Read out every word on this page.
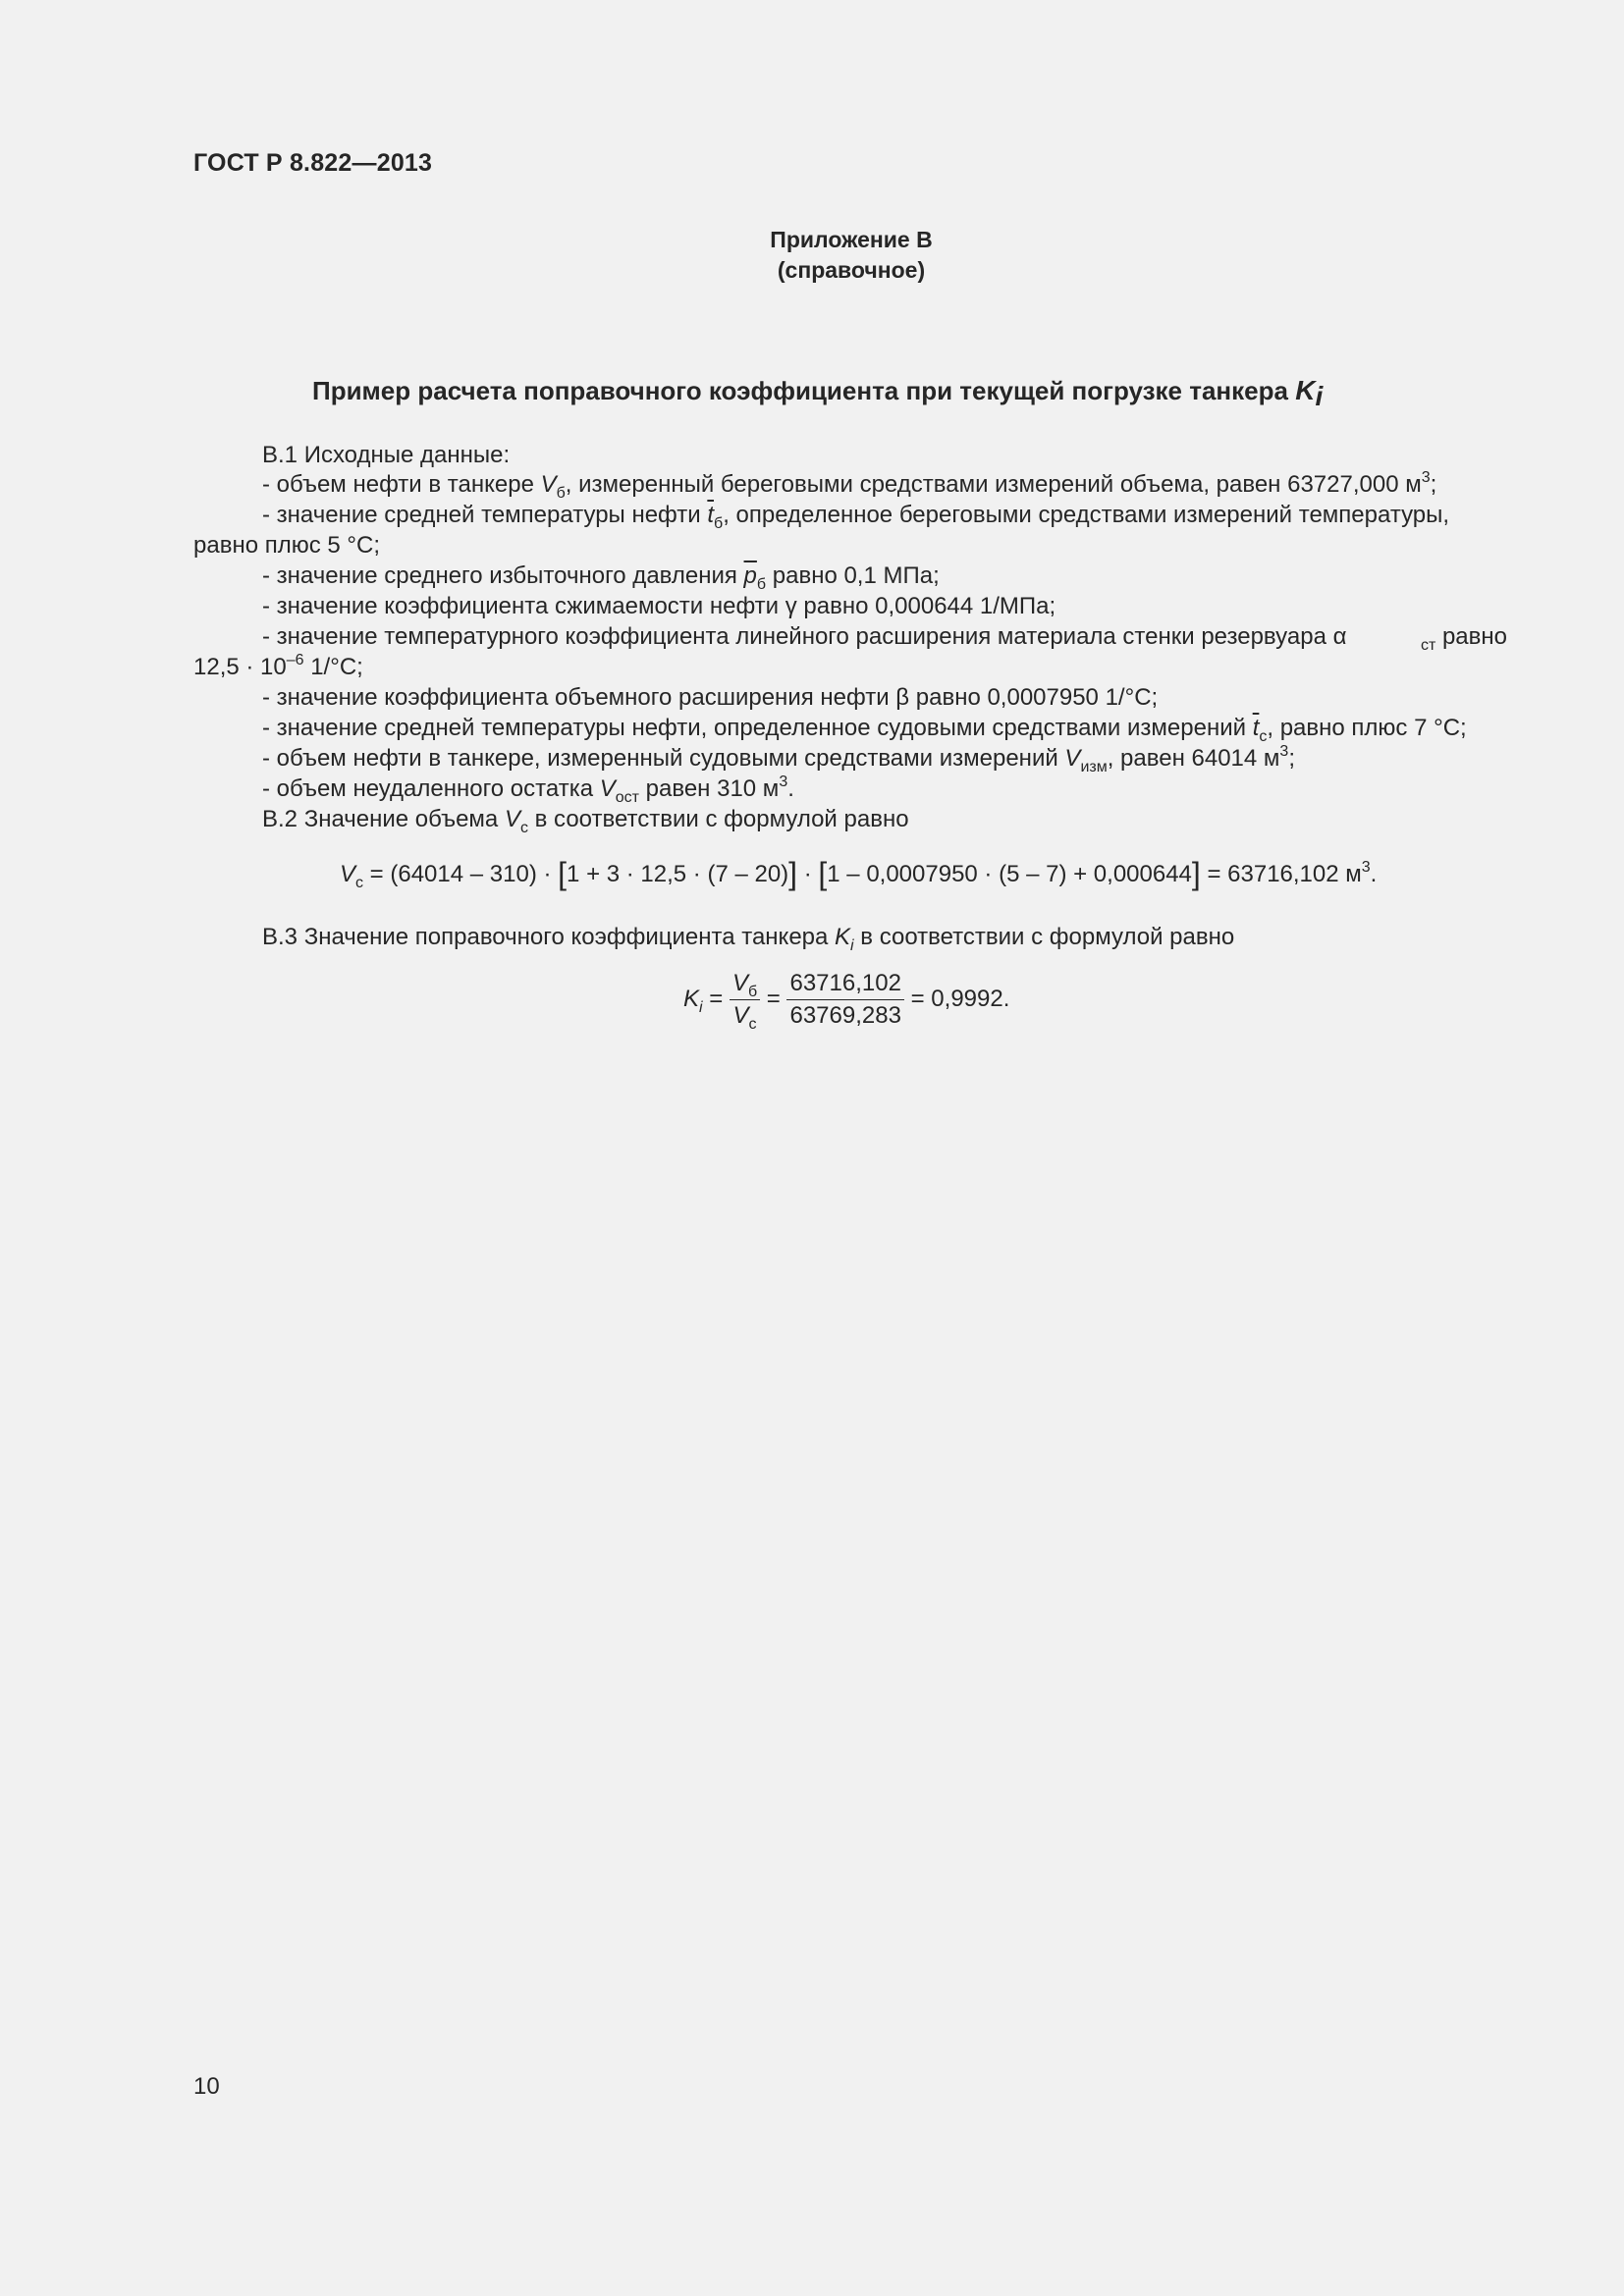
ГОСТ Р 8.822—2013
Приложение В
(справочное)
Пример расчета поправочного коэффициента при текущей погрузке танкера $K_i$
В.1 Исходные данные:
- объем нефти в танкере $V_б$, измеренный береговыми средствами измерений объема, равен 63727,000 $м^3$;
- значение средней температуры нефти $\overline{t}_б$, определенное береговыми средствами измерений температуры,
равно плюс 5 °С;
- значение среднего избыточного давления $\overline{p}_б$ равно 0,1 МПа;
- значение коэффициента сжимаемости нефти γ равно 0,000644 1/МПа;
- значение температурного коэффициента линейного расширения материала стенки резервуара α	$_{ст}$ равно
$12,5 \cdot 10^{-6}$ 1/°С;
- значение коэффициента объемного расширения нефти β равно 0,0007950 1/°С;
- значение средней температуры нефти, определенное судовыми средствами измерений $\overline{t}_с$, равно плюс 7 °С;
- объем нефти в танкере, измеренный судовыми средствами измерений $V_{изм}$, равен 64014 $м^3$;
- объем неудаленного остатка $V_{ост}$ равен 310 $м^3$.
В.2 Значение объема $V_с$ в соответствии с формулой равно
$V_с = (64014 - 310) \cdot [1 + 3 \cdot 12,5 \cdot (7 - 20)] \cdot [1 - 0,0007950 \cdot (5 - 7) + 0,000644] = 63716,102$ $м^3$.
В.3 Значение поправочного коэффициента танкера $K_i$ в соответствии с формулой равно
$K_i = \frac{V_б}{V_с} = \frac{63716,102}{63769,283} = 0,9992$.
10
